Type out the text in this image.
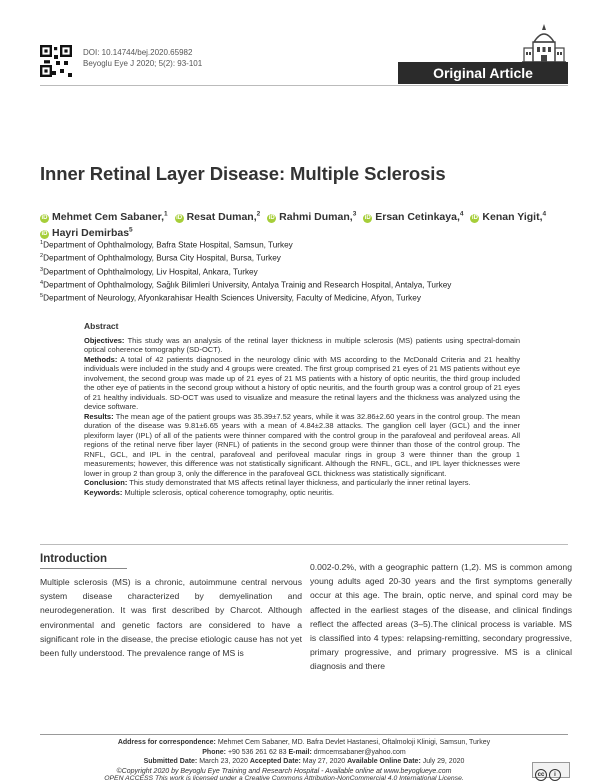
DOI: 10.14744/bej.2020.65982
Beyoglu Eye J 2020; 5(2): 93-101
Original Article
Inner Retinal Layer Disease: Multiple Sclerosis
iD Mehmet Cem Sabaner,$^1$ iD Resat Duman,$^2$ iD Rahmi Duman,$^3$ iD Ersan Cetinkaya,$^4$ iD Kenan Yigit,$^4$
iD Hayri Demirbas$^5$
$^1$Department of Ophthalmology, Bafra State Hospital, Samsun, Turkey
$^2$Department of Ophthalmology, Bursa City Hospital, Bursa, Turkey
$^3$Department of Ophthalmology, Liv Hospital, Ankara, Turkey
$^4$Department of Ophthalmology, Sağlık Bilimleri University, Antalya Trainig and Research Hospital, Antalya, Turkey
$^5$Department of Neurology, Afyonkarahisar Health Sciences University, Faculty of Medicine, Afyon, Turkey
Abstract

Objectives: This study was an analysis of the retinal layer thickness in multiple sclerosis (MS) patients using spectral-domain optical coherence tomography (SD-OCT).

Methods: A total of 42 patients diagnosed in the neurology clinic with MS according to the McDonald Criteria and 21 healthy individuals were included in the study and 4 groups were created. The first group comprised 21 eyes of 21 MS patients without eye involvement, the second group was made up of 21 eyes of 21 MS patients with a history of optic neuritis, the third group included the other eye of patients in the second group without a history of optic neuritis, and the fourth group was a control group of 21 eyes of 21 healthy individuals. SD-OCT was used to visualize and measure the retinal layers and the thickness was analyzed using the device software.

Results: The mean age of the patient groups was 35.39±7.52 years, while it was 32.86±2.60 years in the control group. The mean duration of the disease was 9.81±6.65 years with a mean of 4.84±2.38 attacks. The ganglion cell layer (GCL) and the inner plexiform layer (IPL) of all of the patients were thinner compared with the control group in the parafoveal and perifoveal areas. All regions of the retinal nerve fiber layer (RNFL) of patients in the second group were thinner than those of the control group. The RNFL, GCL, and IPL in the central, parafoveal and perifoveal macular rings in group 3 were thinner than the group 1 measurements; however, this difference was not statistically significant. Although the RNFL, GCL, and IPL layer thicknesses were lower in group 2 than group 3, only the difference in the parafoveal GCL thickness was statistically significant.

Conclusion: This study demonstrated that MS affects retinal layer thickness, and particularly the inner retinal layers.

Keywords: Multiple sclerosis, optical coherence tomography, optic neuritis.

Introduction

Multiple sclerosis (MS) is a chronic, autoimmune central nervous system disease characterized by demyelination and neurodegeneration. It was first described by Charcot. Although environmental and genetic factors are considered to have a significant role in the disease, the precise etiologic cause has not yet been fully understood. The prevalence range of MS is

0.002-0.2%, with a geographic pattern (1,2). MS is common among young adults aged 20-30 years and the first symptoms generally occur at this age. The brain, optic nerve, and spinal cord may be affected in the earliest stages of the disease, and clinical findings reflect the affected areas (3–5).The clinical process is variable. MS is classified into 4 types: relapsing-remitting, secondary progressive, primary progressive, and primary progressive. MS is a clinical diagnosis and there

Address for correspondence: Mehmet Cem Sabaner, MD. Bafra Devlet Hastanesi, Oftalmoloji Klinigi, Samsun, Turkey
Phone: +90 536 261 62 83 E-mail: drmcemsabaner@yahoo.com
Submitted Date: March 23, 2020 Accepted Date: May 27, 2020 Available Online Date: July 29, 2020
©Copyright 2020 by Beyoglu Eye Training and Research Hospital - Available online at www.beyoglueye.com
OPEN ACCESS This work is licensed under a Creative Commons Attribution-NonCommercial 4.0 International License.	cc i
